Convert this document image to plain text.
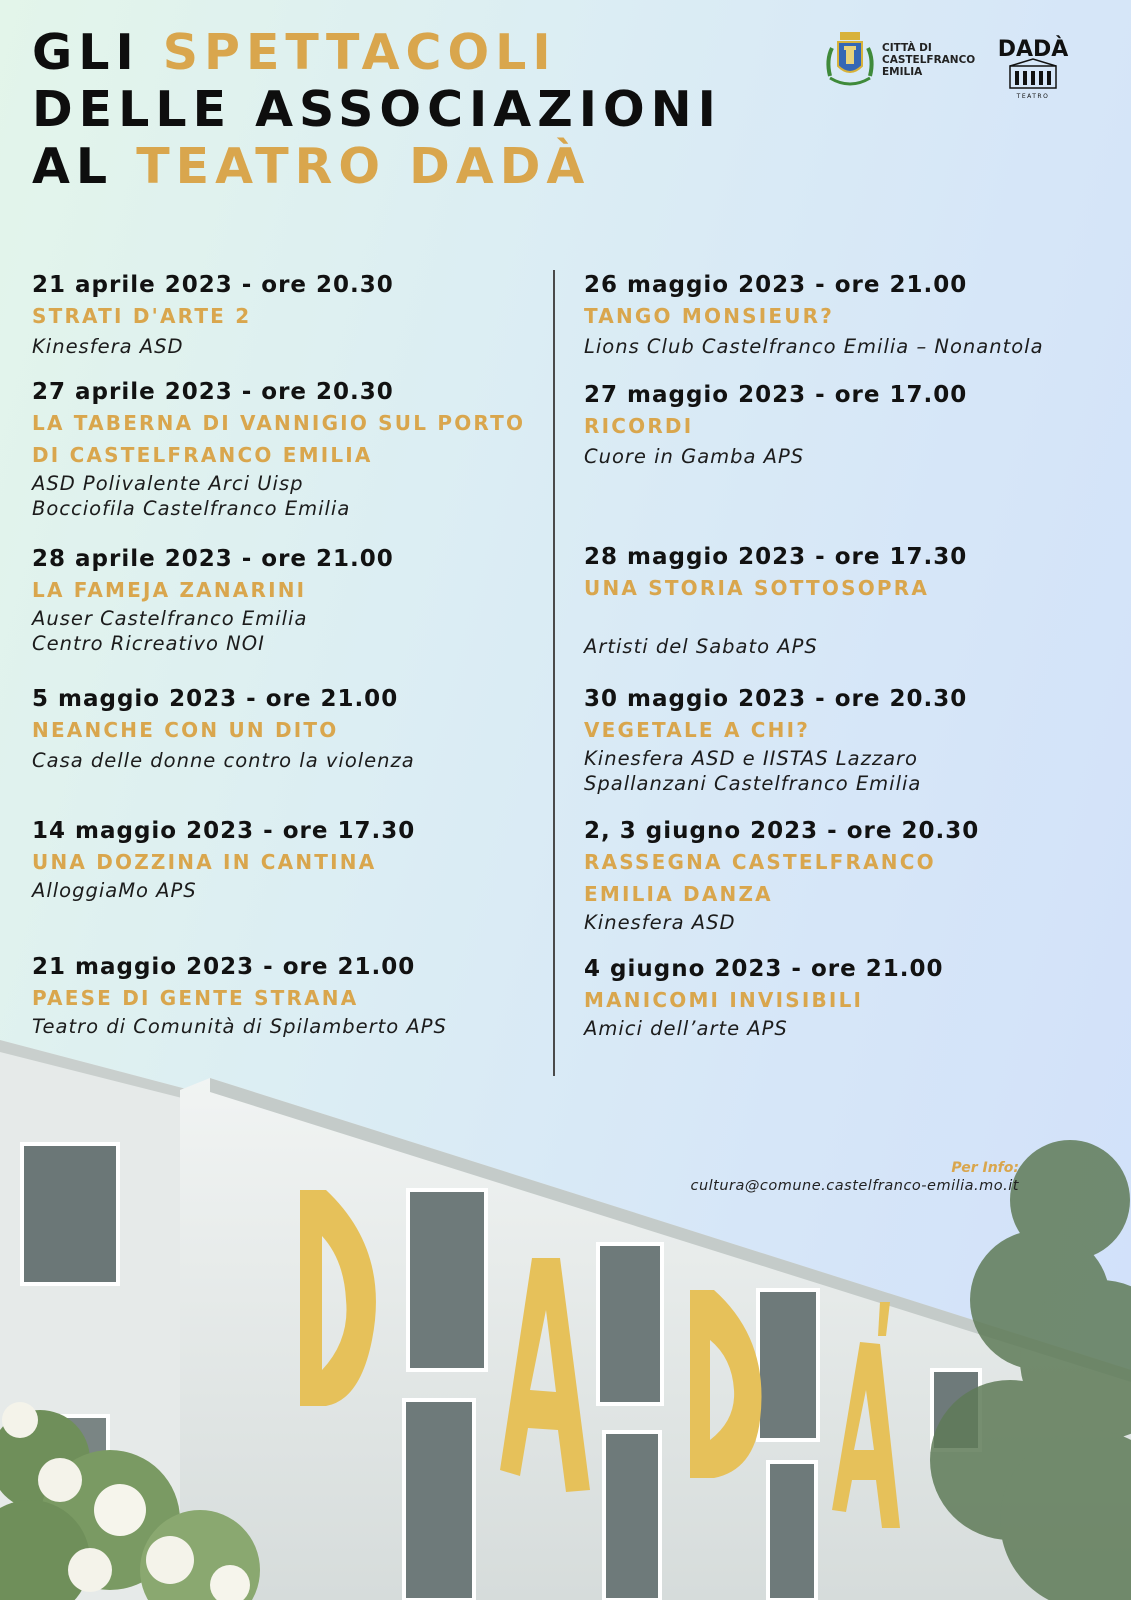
GLI SPETTACOLI
DELLE ASSOCIAZIONI
AL TEATRO DADÀ
CITTÀ DI
CASTELFRANCO
EMILIA
DADÀ
TEATRO
21 aprile 2023 - ore 20.30
STRATI D'ARTE 2
Kinesfera ASD
27 aprile 2023 - ore 20.30
LA TABERNA DI VANNIGIO SUL PORTO
DI CASTELFRANCO EMILIA
ASD Polivalente Arci Uisp
Bocciofila Castelfranco Emilia
28 aprile 2023 - ore 21.00
LA FAMEJA ZANARINI
Auser Castelfranco Emilia
Centro Ricreativo NOI
5 maggio 2023 - ore 21.00
NEANCHE CON UN DITO
Casa delle donne contro la violenza
14 maggio 2023 - ore 17.30
UNA DOZZINA IN CANTINA
AlloggiaMo APS
21 maggio 2023 - ore 21.00
PAESE DI GENTE STRANA
Teatro di Comunità di Spilamberto APS
26 maggio 2023 - ore 21.00
TANGO MONSIEUR?
Lions Club Castelfranco Emilia – Nonantola
27 maggio 2023 - ore 17.00
RICORDI
Cuore in Gamba APS
28 maggio 2023 - ore 17.30
UNA STORIA SOTTOSOPRA
Artisti del Sabato APS
30 maggio 2023 - ore 20.30
VEGETALE A CHI?
Kinesfera ASD e IISTAS Lazzaro
Spallanzani Castelfranco Emilia
2, 3 giugno 2023 - ore 20.30
RASSEGNA CASTELFRANCO
EMILIA DANZA
Kinesfera ASD
4 giugno 2023 - ore 21.00
MANICOMI INVISIBILI
Amici dell’arte APS
Per Info:
cultura@comune.castelfranco-emilia.mo.it
